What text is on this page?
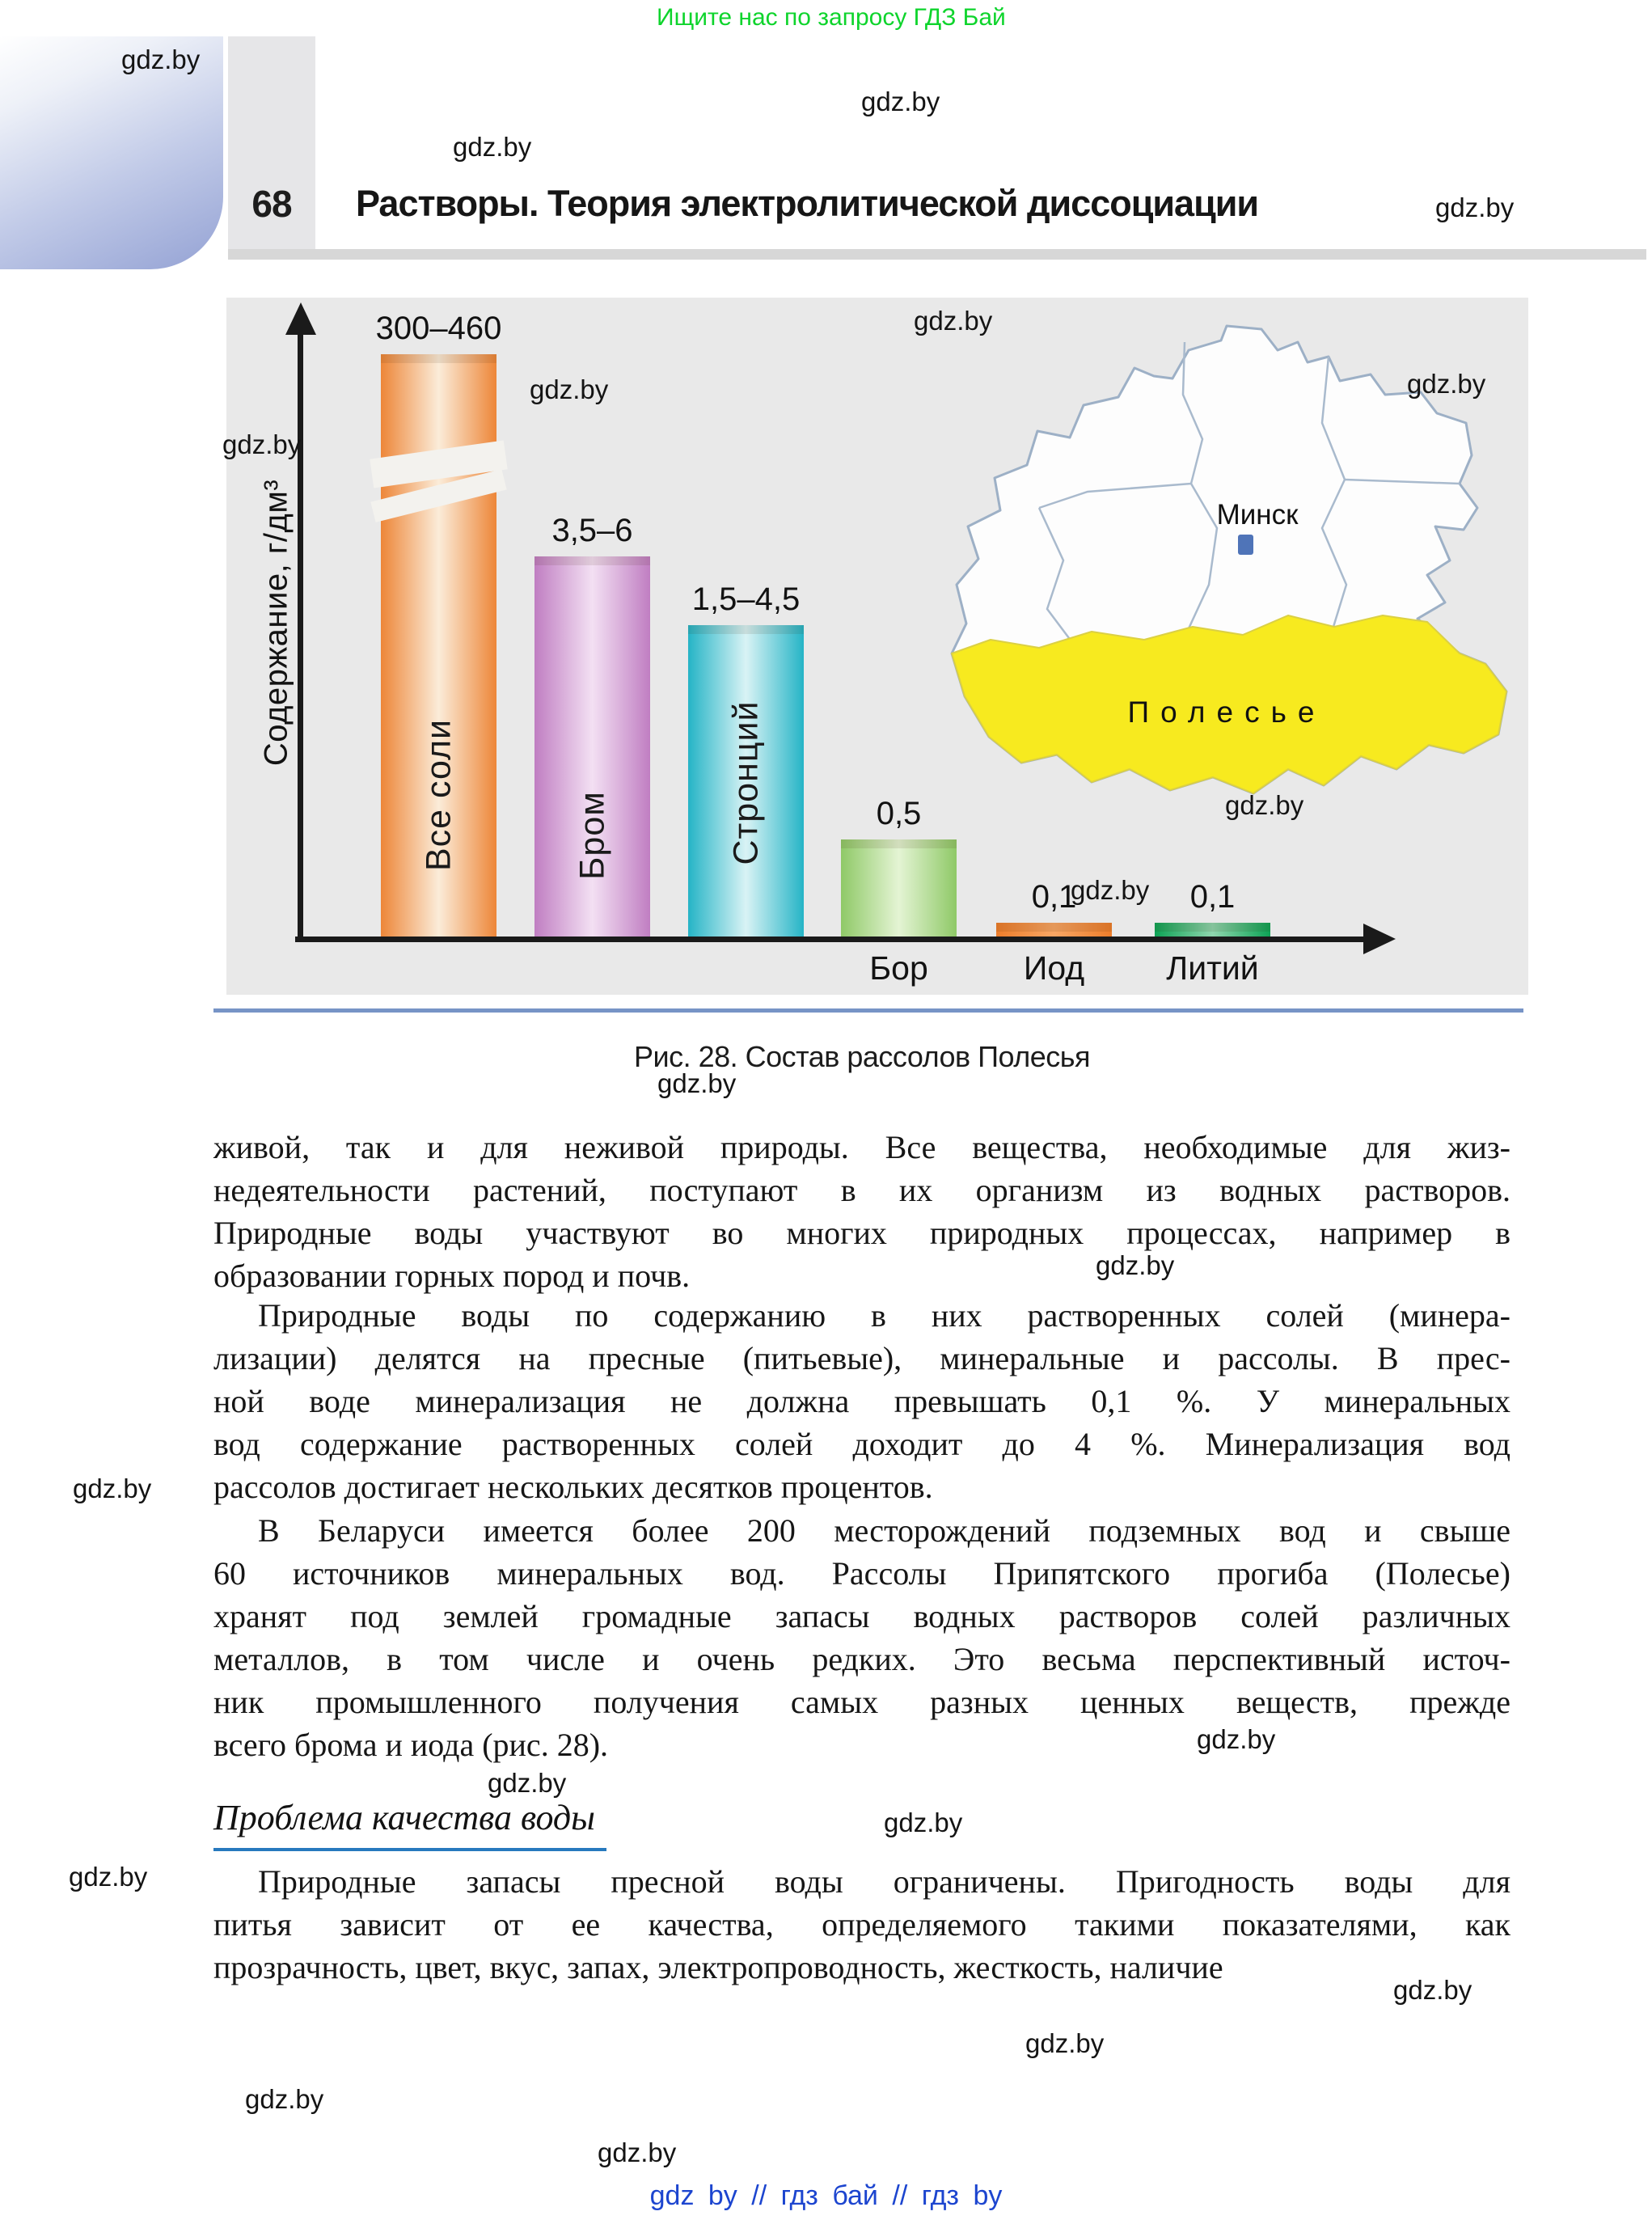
68	Растворы. Теория электролитической диссоциации
Ищите нас по запросу ГДЗ Бай
gdz.by
gdz.by
gdz.by
gdz.by
gdz.by
gdz.by
gdz.by
gdz.by
gdz.by
gdz.by
gdz.by
gdz.by
gdz.by
gdz.by
gdz.by
gdz.by
gdz.by
gdz.by
gdz.by
gdz.by
gdz.by
gdz by // гдз бай // гдз by
300–460
Все соли
3,5–6
Бром
1,5–4,5
Стронций	0,5
Бор
0,1
Иод
0,1
Литий
Содержание, г/дм³	Минск
Полесье
Рис. 28. Состав рассолов Полесья
живой, так и для неживой природы. Все вещества, необходимые для жиз-
недеятельности растений, поступают в их организм из водных растворов.
Природные воды участвуют во многих природных процессах, например в
образовании горных пород и почв.
Природные воды по содержанию в них растворенных солей (минера-
лизации) делятся на пресные (питьевые), минеральные и рассолы. В прес-
ной воде минерализация не должна превышать 0,1 %. У минеральных
вод содержание растворенных солей доходит до 4 %. Минерализация вод
рассолов достигает нескольких десятков процентов.
В Беларуси имеется более 200 месторождений подземных вод и свыше
60 источников минеральных вод. Рассолы Припятского прогиба (Полесье)
хранят под землей громадные запасы водных растворов солей различных
металлов, в том числе и очень редких. Это весьма перспективный источ-
ник промышленного получения самых разных ценных веществ, прежде
всего брома и иода (рис. 28).
Природные запасы пресной воды ограничены. Пригодность воды для
питья зависит от ее качества, определяемого такими показателями, как
прозрачность, цвет, вкус, запах, электропроводность, жесткость, наличие
Проблема качества воды
